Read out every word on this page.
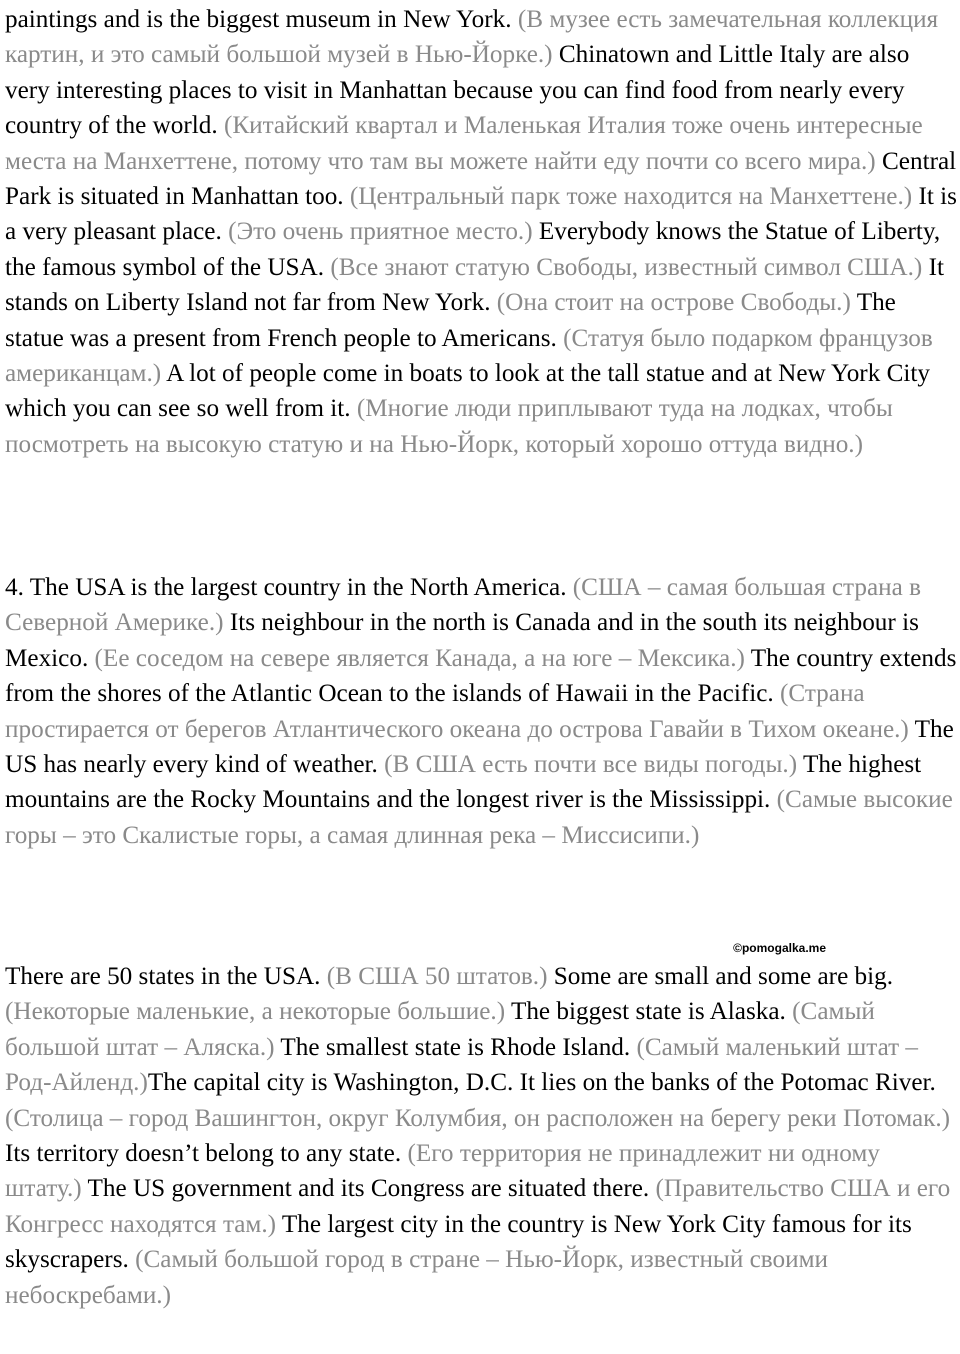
paintings and is the biggest museum in New York. (В музее есть замечательная коллекция картин, и это самый большой музей в Нью-Йорке.) Chinatown and Little Italy are also very interesting places to visit in Manhattan because you can find food from nearly every country of the world. (Китайский квартал и Маленькая Италия тоже очень интересные места на Манхеттене, потому что там вы можете найти еду почти со всего мира.) Central Park is situated in Manhattan too. (Центральный парк тоже находится на Манхеттене.) It is a very pleasant place. (Это очень приятное место.) Everybody knows the Statue of Liberty, the famous symbol of the USA. (Все знают статую Свободы, известный символ США.) It stands on Liberty Island not far from New York. (Она стоит на острове Свободы.) The statue was a present from French people to Americans. (Статуя было подарком французов американцам.) A lot of people come in boats to look at the tall statue and at New York City which you can see so well from it. (Многие люди приплывают туда на лодках, чтобы посмотреть на высокую статую и на Нью-Йорк, который хорошо оттуда видно.)

4. The USA is the largest country in the North America. (США – самая большая страна в Северной Америке.) Its neighbour in the north is Canada and in the south its neighbour is Mexico. (Ее соседом на севере является Канада, а на юге – Мексика.) The country extends from the shores of the Atlantic Ocean to the islands of Hawaii in the Pacific. (Страна простирается от берегов Атлантического океана до острова Гавайи в Тихом океане.) The US has nearly every kind of weather. (В США есть почти все виды погоды.) The highest mountains are the Rocky Mountains and the longest river is the Mississippi. (Самые высокие горы – это Скалистые горы, а самая длинная река – Миссисипи.)

There are 50 states in the USA. (В США 50 штатов.) Some are small and some are big. (Некоторые маленькие, а некоторые большие.) The biggest state is Alaska. (Самый большой штат – Аляска.) The smallest state is Rhode Island. (Самый маленький штат – Род-Айленд.)The capital city is Washington, D.C. It lies on the banks of the Potomac River. (Столица – город Вашингтон, округ Колумбия, он расположен на берегу реки Потомак.) Its territory doesn’t belong to any state. (Его территория не принадлежит ни одному штату.) The US government and its Congress are situated there. (Правительство США и его Конгресс находятся там.) The largest city in the country is New York City famous for its skyscrapers. (Самый большой город в стране – Нью-Йорк, известный своими небоскребами.)

©pomogalka.me
